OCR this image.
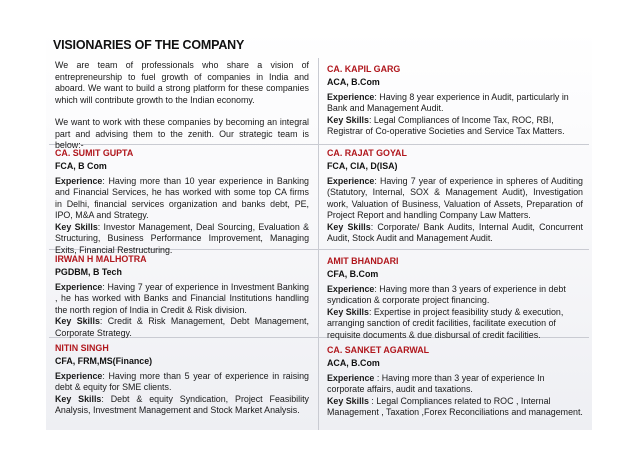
VISIONARIES OF THE COMPANY

We are team of professionals who share a vision of entrepreneurship to fuel growth of companies in India and aboard. We want to build a strong platform for these companies which will contribute growth to the Indian economy.

We want to work with these companies by becoming an integral part and advising them to the zenith. Our strategic team is below:-

CA. KAPIL GARG
ACA, B.Com

Experience: Having 8 year experience in Audit, particularly in Bank and Management Audit.

Key Skills: Legal Compliances of Income Tax, ROC, RBI, Registrar of Co-operative Societies and Service Tax Matters.

CA. SUMIT GUPTA
FCA, B Com

Experience: Having more than 10 year experience in Banking and Financial Services, he has worked with some top CA firms in Delhi, financial services organization and banks debt, PE, IPO, M&A and Strategy.

Key Skills: Investor Management, Deal Sourcing, Evaluation & Structuring, Business Performance Improvement, Managing Exits, Financial Restructuring.

CA. RAJAT GOYAL
FCA, CIA, D(ISA)

Experience: Having 7 year of experience in spheres of Auditing (Statutory, Internal, SOX & Management Audit), Investigation work, Valuation of Business, Valuation of Assets, Preparation of Project Report and handling Company Law Matters.

Key Skills: Corporate/ Bank Audits, Internal Audit, Concurrent Audit, Stock Audit and Management Audit.

IRWAN H MALHOTRA
PGDBM, B Tech

Experience: Having 7 year of experience in Investment Banking , he has worked with Banks and Financial Institutions handling the north region of India in Credit & Risk division.

Key Skills: Credit & Risk Management, Debt Management, Corporate Strategy.

AMIT BHANDARI
CFA, B.Com

Experience: Having more than 3 years of experience in debt syndication & corporate project financing.

Key Skills: Expertise in project feasibility study & execution, arranging sanction of credit facilities, facilitate execution of requisite documents & due disbursal of credit facilities.

NITIN SINGH
CFA, FRM,MS(Finance)

Experience: Having more than 5 year of experience in raising debt & equity for SME clients.

Key Skills: Debt & equity Syndication, Project Feasibility Analysis, Investment Management and Stock Market Analysis.

CA. SANKET AGARWAL
ACA, B.Com

Experience : Having more than 3 year of experience In corporate affairs, audit and taxations.

Key Skills : Legal Compliances related to ROC , Internal Management , Taxation ,Forex Reconciliations and management.
